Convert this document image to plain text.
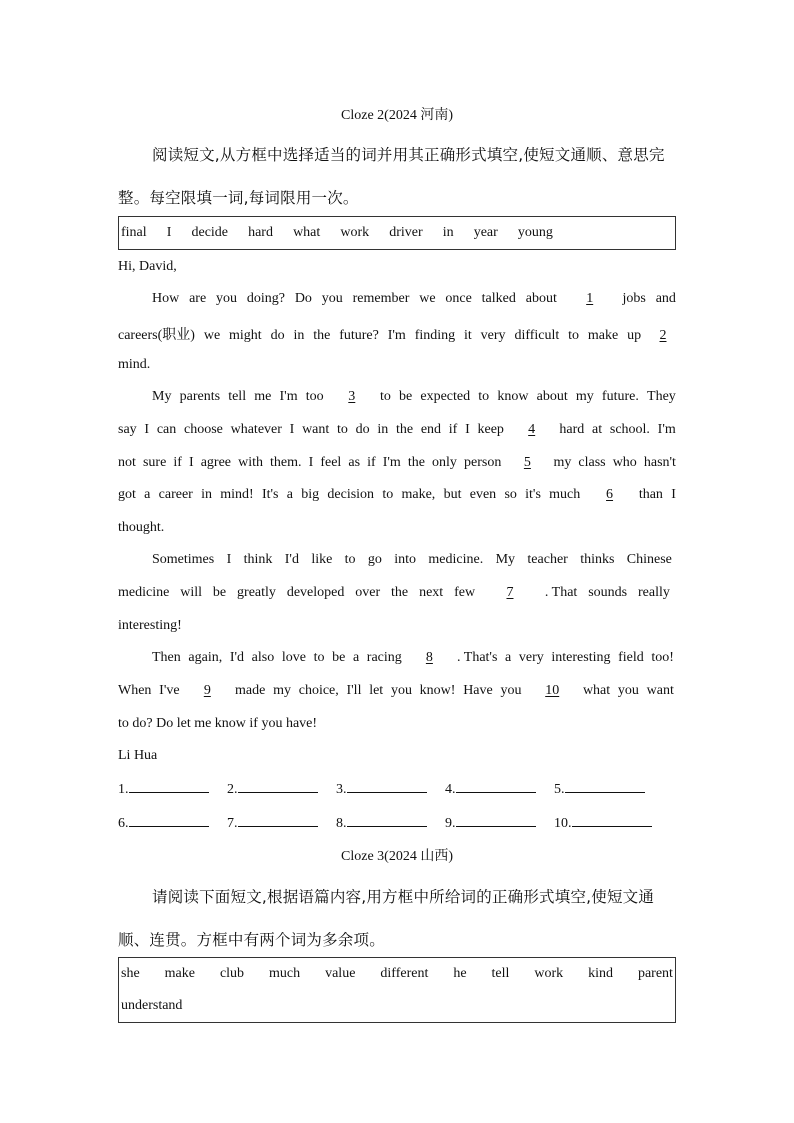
Cloze 2(2024 河南)
阅读短文,从方框中选择适当的词并用其正确形式填空,使短文通顺、意思完
整。每空限填一词,每词限用一次。
final I decide hard what work driver in year young
Hi, David,
How are you doing? Do you remember we once talked about	1	jobs and
careers(职业) we might do in the future? I'm finding it very difficult to make up	2
mind.
My parents tell me I'm too	3	to be expected to know about my future. They
say I can choose whatever I want to do in the end if I keep	4	hard at school. I'm
not sure if I agree with them. I feel as if I'm the only person	5	my class who hasn't
got a career in mind! It's a big decision to make, but even so it's much	6	than I
thought.
Sometimes I think I'd like to go into medicine. My teacher thinks Chinese
medicine will be greatly developed over the next few	7	. That sounds really
interesting!
Then again, I'd also love to be a racing	8	. That's a very interesting field too!
When I've	9	made my choice, I'll let you know! Have you	10	what you want
to do? Do let me know if you have!
Li Hua
1.	2.	3.	4.	5.
6.	7.	8.	9.	10.
Cloze 3(2024 山西)
请阅读下面短文,根据语篇内容,用方框中所给词的正确形式填空,使短文通
顺、连贯。方框中有两个词为多余项。
she make club much value different he tell work kind parent
understand
